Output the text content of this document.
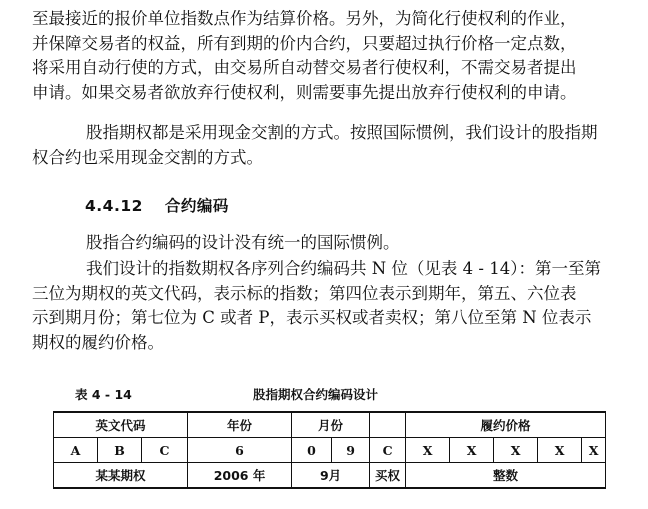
至最接近的报价单位指数点作为结算价格。另外，为简化行使权利的作业，
并保障交易者的权益，所有到期的价内合约，只要超过执行价格一定点数，
将采用自动行使的方式，由交易所自动替交易者行使权利，不需交易者提出
申请。如果交易者欲放弃行使权利，则需要事先提出放弃行使权利的申请。

股指期权都是采用现金交割的方式。按照国际惯例，我们设计的股指期
权合约也采用现金交割的方式。

4.4.12 合约编码

股指合约编码的设计没有统一的国际惯例。

我们设计的指数期权各序列合约编码共 N 位（见表 4 - 14）：第一至第
三位为期权的英文代码，表示标的指数；第四位表示到期年，第五、六位表
示到期月份；第七位为 C 或者 P，表示买权或者卖权；第八位至第 N 位表示
期权的履约价格。

表 4 - 14	股指期权合约编码设计
英文代码			年份	月份			履约价格				
A	B	C	6	0	9	C	X	X	X	X	X
某某期权			2006 年	9月		买权	整数				
